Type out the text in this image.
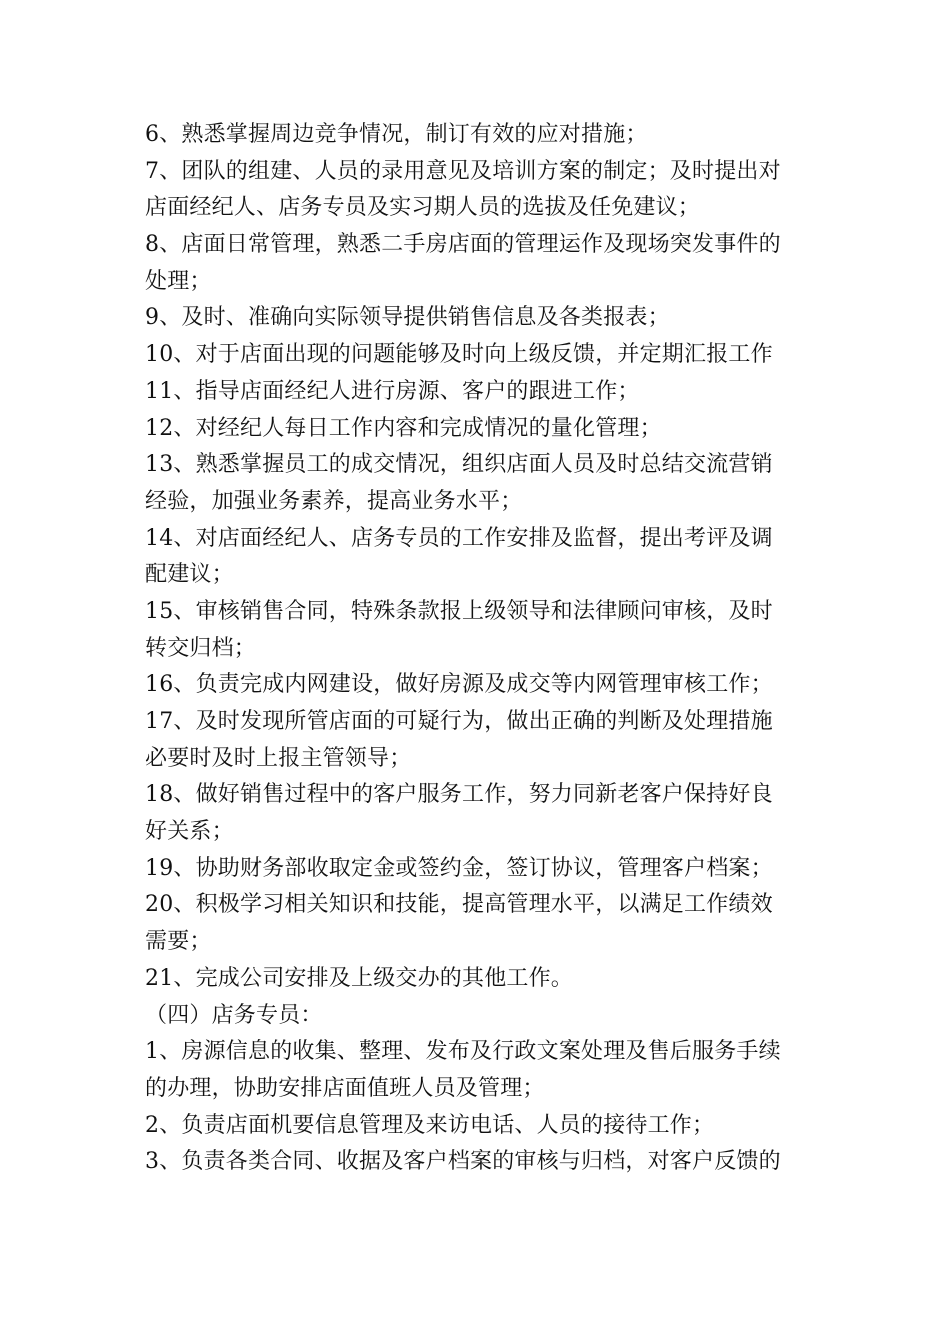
6、熟悉掌握周边竞争情况，制订有效的应对措施；
7、团队的组建、人员的录用意见及培训方案的制定；及时提出对
店面经纪人、店务专员及实习期人员的选拔及任免建议；
8、店面日常管理，熟悉二手房店面的管理运作及现场突发事件的
处理；
9、及时、准确向实际领导提供销售信息及各类报表；
10、对于店面出现的问题能够及时向上级反馈，并定期汇报工作
11、指导店面经纪人进行房源、客户的跟进工作；
12、对经纪人每日工作内容和完成情况的量化管理；
13、熟悉掌握员工的成交情况，组织店面人员及时总结交流营销
经验，加强业务素养，提高业务水平；
14、对店面经纪人、店务专员的工作安排及监督，提出考评及调
配建议；
15、审核销售合同，特殊条款报上级领导和法律顾问审核，及时
转交归档；
16、负责完成内网建设，做好房源及成交等内网管理审核工作；
17、及时发现所管店面的可疑行为，做出正确的判断及处理措施
必要时及时上报主管领导；
18、做好销售过程中的客户服务工作，努力同新老客户保持好良
好关系；
19、协助财务部收取定金或签约金，签订协议，管理客户档案；
20、积极学习相关知识和技能，提高管理水平，以满足工作绩效
需要；
21、完成公司安排及上级交办的其他工作。
（四）店务专员：
1、房源信息的收集、整理、发布及行政文案处理及售后服务手续
的办理，协助安排店面值班人员及管理；
2、负责店面机要信息管理及来访电话、人员的接待工作；
3、负责各类合同、收据及客户档案的审核与归档，对客户反馈的
